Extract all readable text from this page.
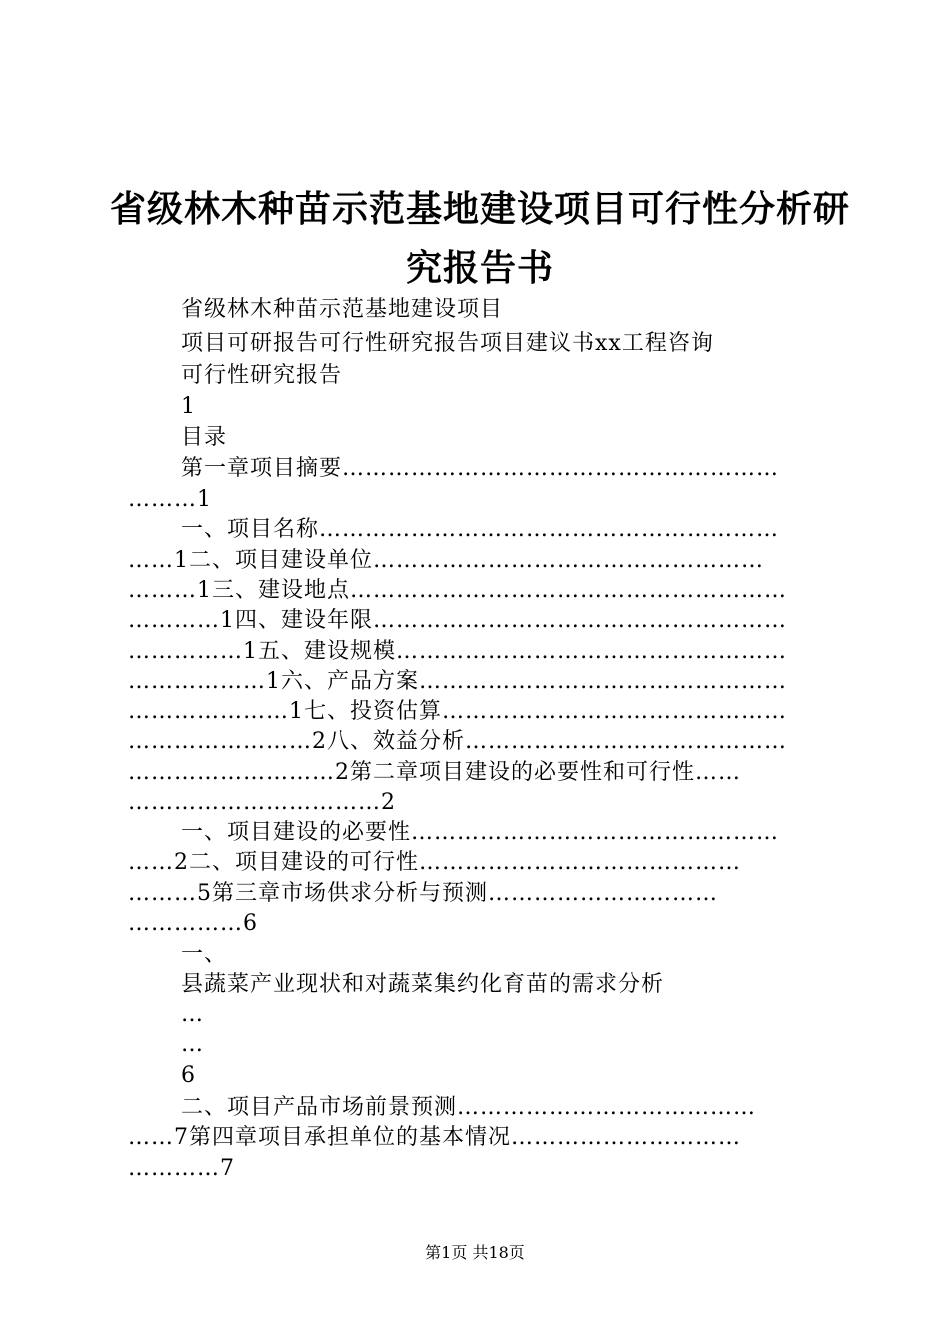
省级林木种苗示范基地建设项目可行性分析研
究报告书
省级林木种苗示范基地建设项目
项目可研报告可行性研究报告项目建议书xx工程咨询
可行性研究报告
1
目录
第一章项目摘要…………………………………………………
………1
一、项目名称……………………………………………………
……1二、项目建设单位……………………………………………
………1三、建设地点…………………………………………………
…………1四、建设年限………………………………………………
……………1五、建设规模……………………………………………
………………1六、产品方案…………………………………………
…………………1七、投资估算………………………………………
……………………2八、效益分析……………………………………
………………………2第二章项目建设的必要性和可行性……
……………………………2
一、项目建设的必要性…………………………………………
……2二、项目建设的可行性……………………………………
………5第三章市场供求分析与预测…………………………
……………6
一、
县蔬菜产业现状和对蔬菜集约化育苗的需求分析
…
…
6
二、项目产品市场前景预测…………………………………
……7第四章项目承担单位的基本情况…………………………
…………7
第1页 共18页
